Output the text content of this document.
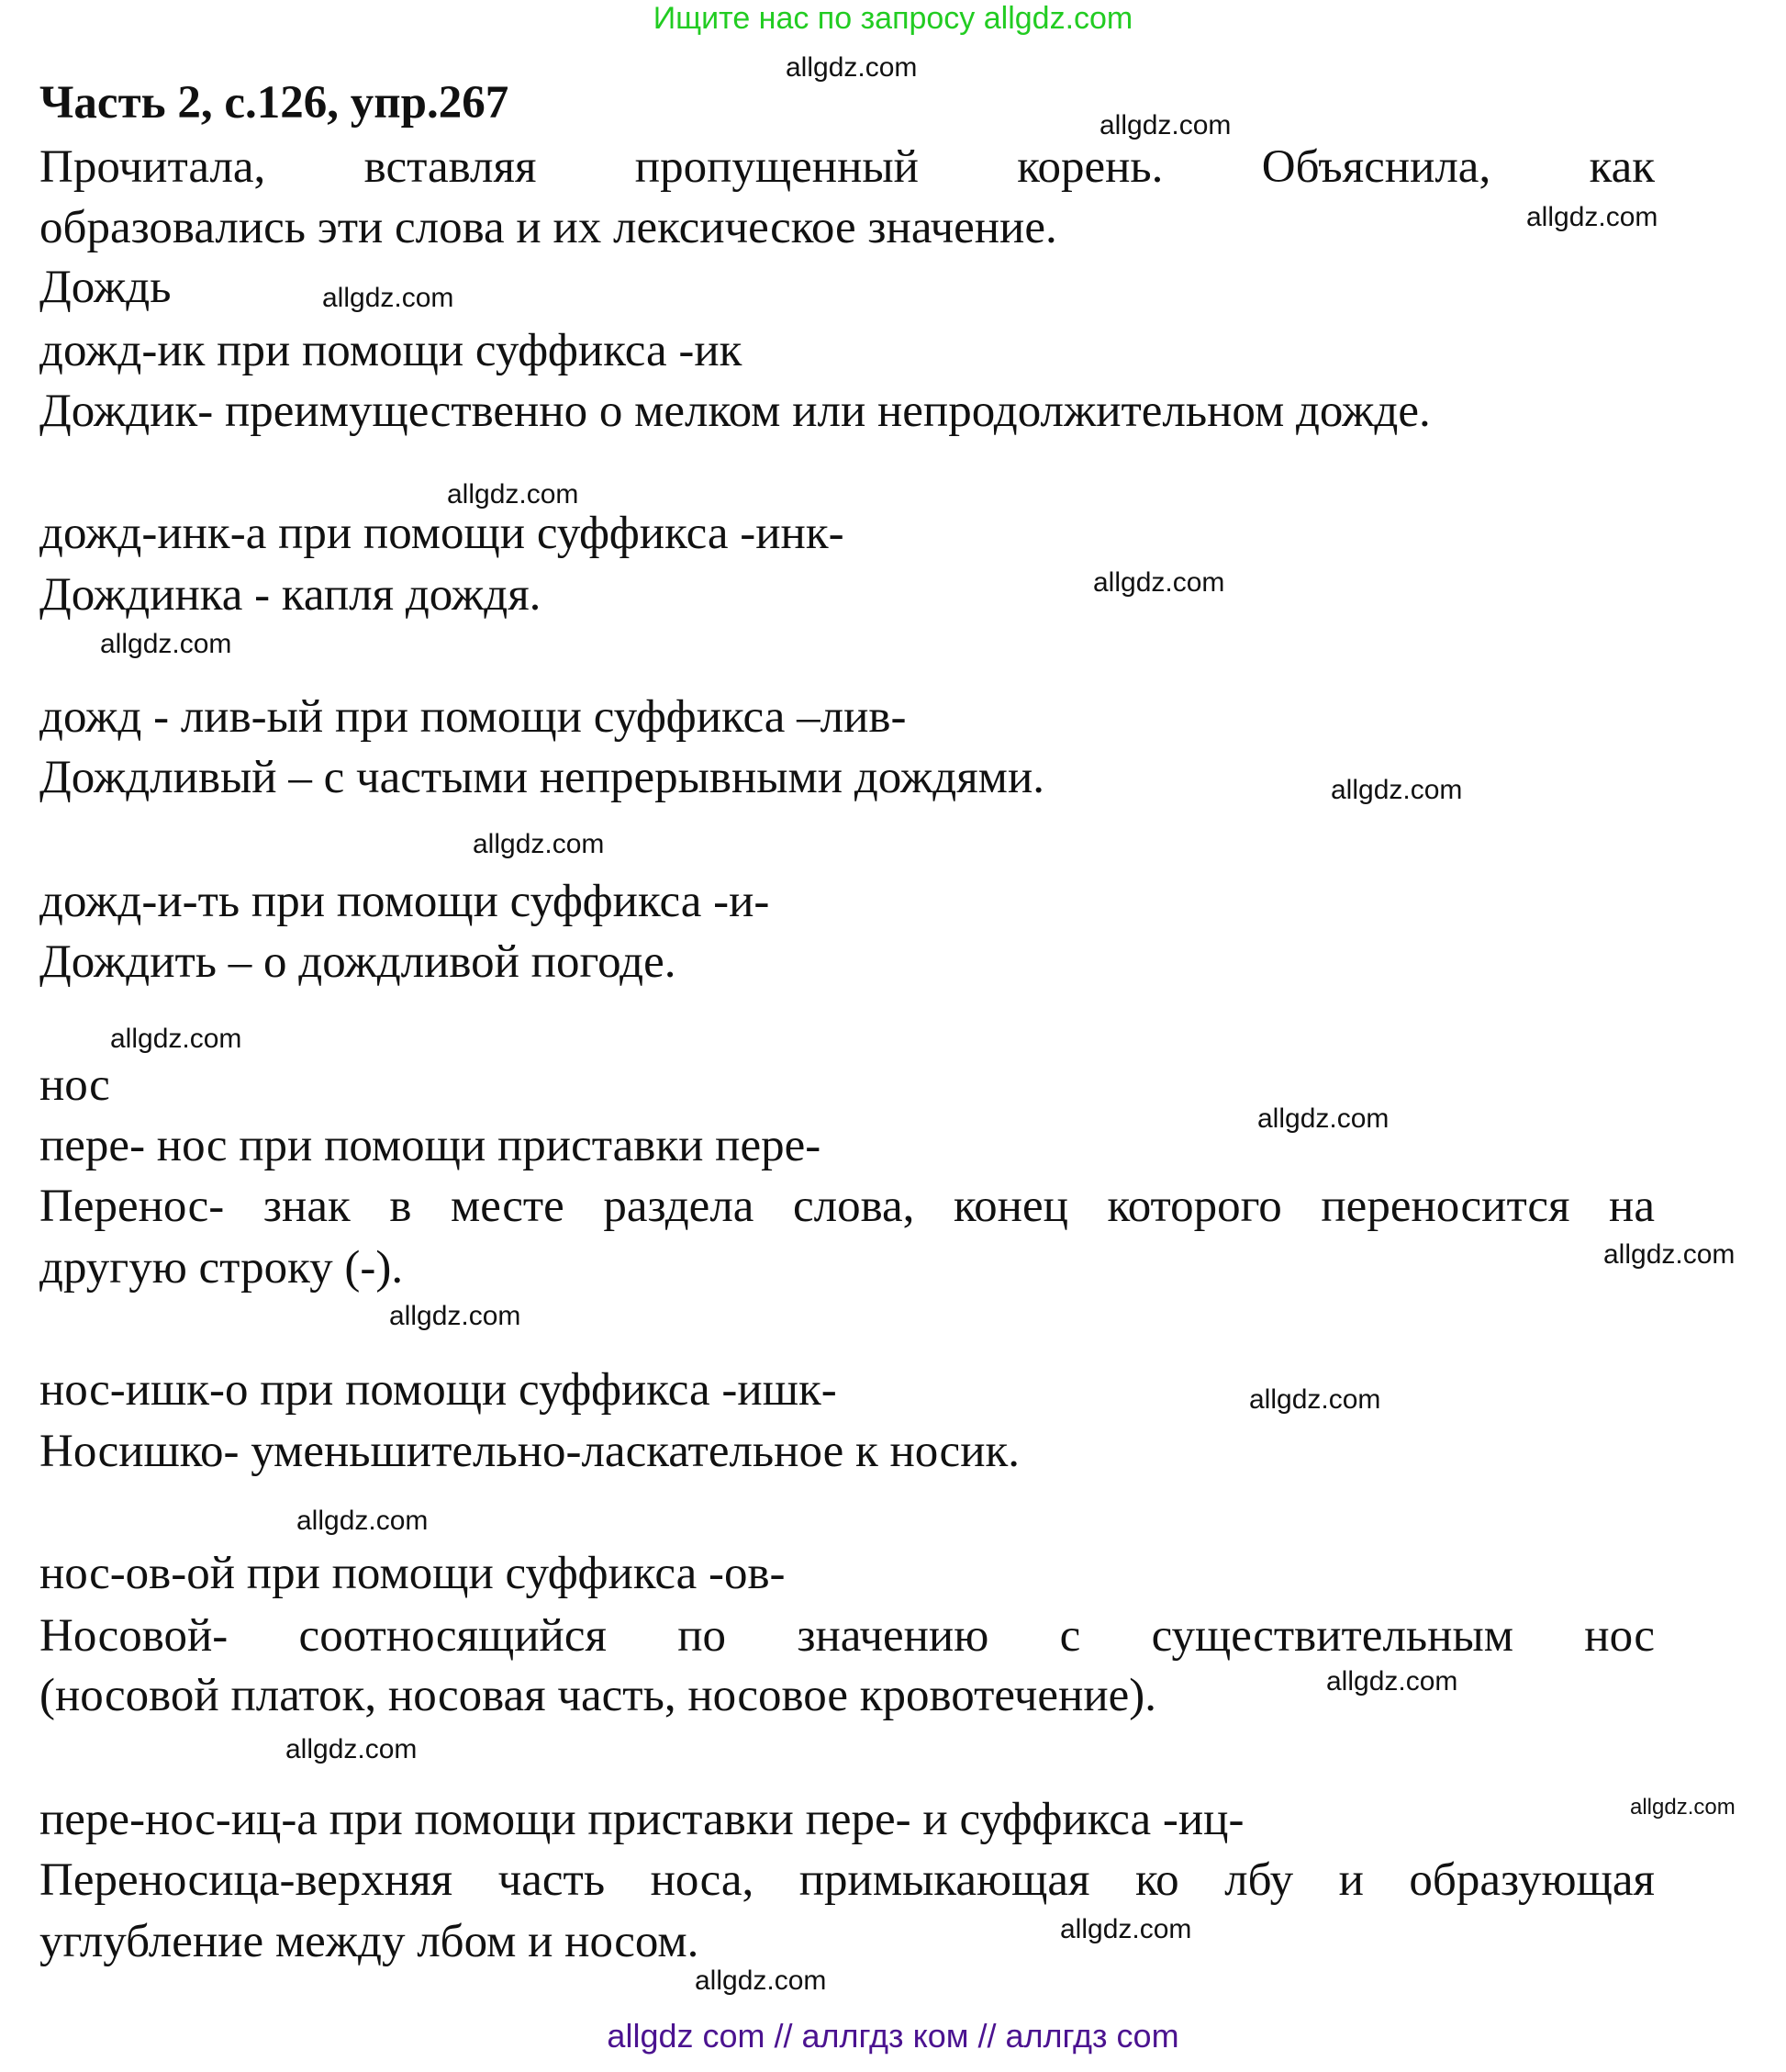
Ищите нас по запросу allgdz.com
Часть 2, с.126, упр.267
Прочитала, вставляя пропущенный корень. Объяснила, как
образовались эти слова и их лексическое значение.
Дождь
дожд-ик при помощи суффикса -ик
Дождик- преимущественно о мелком или непродолжительном дожде.
дожд-инк-а при помощи суффикса -инк-
Дождинка - капля дождя.
дожд - лив-ый при помощи суффикса –лив-
Дождливый – с частыми непрерывными дождями.
дожд-и-ть при помощи суффикса -и-
Дождить – о дождливой погоде.
нос
пере- нос при помощи приставки пере-
Перенос- знак в месте раздела слова, конец которого переносится на
другую строку (-).
нос-ишк-о при помощи суффикса -ишк-
Носишко- уменьшительно-ласкательное к носик.
нос-ов-ой при помощи суффикса -ов-
Носовой- соотносящийся по значению с существительным нос
(носовой платок, носовая часть, носовое кровотечение).
пере-нос-иц-а при помощи приставки пере- и суффикса -иц-
Переносица-верхняя часть носа, примыкающая ко лбу и образующая
углубление между лбом и носом.
allgdz.com
allgdz.com
allgdz.com
allgdz.com
allgdz.com
allgdz.com
allgdz.com
allgdz.com
allgdz.com
allgdz.com
allgdz.com
allgdz.com
allgdz.com
allgdz.com
allgdz.com
allgdz.com
allgdz.com
allgdz.com
allgdz.com
allgdz.com
allgdz com // аллгдз ком // аллгдз com
